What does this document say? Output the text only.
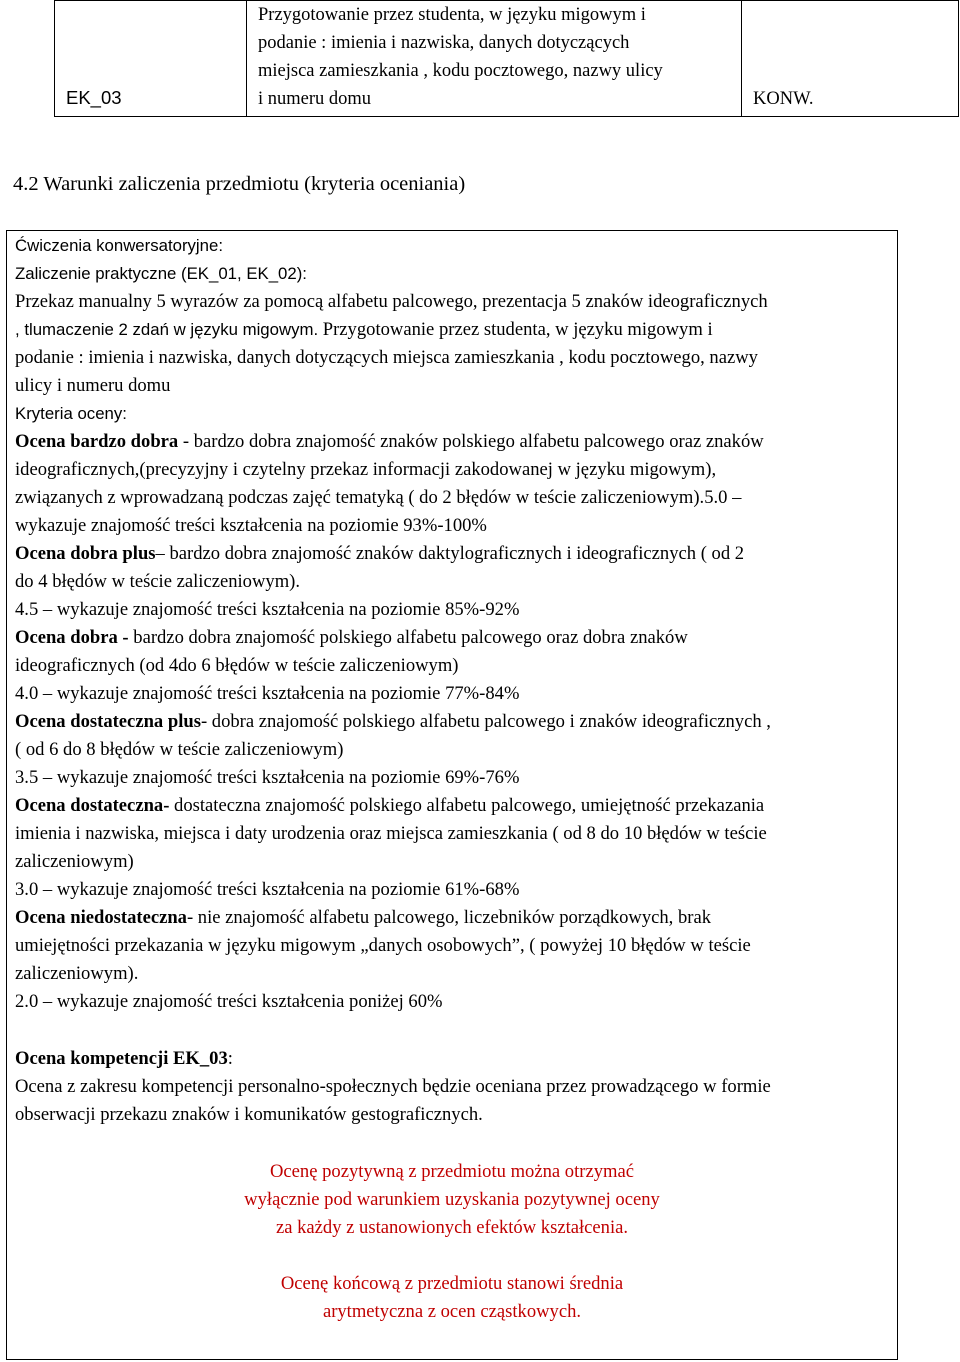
EK_03	
Przygotowanie przez studenta, w języku migowym i
podanie : imienia i nazwiska, danych dotyczących
miejsca zamieszkania , kodu pocztowego, nazwy ulicy
i numeru domu	KONW.
4.2 Warunki zaliczenia przedmiotu (kryteria oceniania)
Ćwiczenia konwersatoryjne:
Zaliczenie praktyczne (EK_01, EK_02):
Przekaz manualny 5 wyrazów za pomocą alfabetu palcowego, prezentacja 5 znaków ideograficznych
, tlumaczenie 2 zdań w języku migowym. Przygotowanie przez studenta, w języku migowym i
podanie : imienia i nazwiska, danych dotyczących miejsca zamieszkania , kodu pocztowego, nazwy
ulicy i numeru domu
Kryteria oceny:
Ocena bardzo dobra - bardzo dobra znajomość znaków polskiego alfabetu palcowego oraz znaków
ideograficznych,(precyzyjny i czytelny przekaz informacji zakodowanej w języku migowym),
związanych z wprowadzaną podczas zajęć tematyką ( do 2 błędów w teście zaliczeniowym).5.0 –
wykazuje znajomość treści kształcenia na poziomie 93%-100%
Ocena dobra plus– bardzo dobra znajomość znaków daktylograficznych i ideograficznych ( od 2
do 4 błędów w teście zaliczeniowym).
4.5 – wykazuje znajomość treści kształcenia na poziomie 85%-92%
Ocena dobra - bardzo dobra znajomość polskiego alfabetu palcowego oraz dobra znaków
ideograficznych (od 4do 6 błędów w teście zaliczeniowym)
4.0 – wykazuje znajomość treści kształcenia na poziomie 77%-84%
Ocena dostateczna plus- dobra znajomość polskiego alfabetu palcowego i znaków ideograficznych ,
( od 6 do 8 błędów w teście zaliczeniowym)
3.5 – wykazuje znajomość treści kształcenia na poziomie 69%-76%
Ocena dostateczna- dostateczna znajomość polskiego alfabetu palcowego, umiejętność przekazania
imienia i nazwiska, miejsca i daty urodzenia oraz miejsca zamieszkania ( od 8 do 10 błędów w teście
zaliczeniowym)
3.0 – wykazuje znajomość treści kształcenia na poziomie 61%-68%
Ocena niedostateczna- nie znajomość alfabetu palcowego, liczebników porządkowych, brak
umiejętności przekazania w języku migowym „danych osobowych”, ( powyżej 10 błędów w teście
zaliczeniowym).
2.0 – wykazuje znajomość treści kształcenia poniżej 60%
Ocena kompetencji EK_03:
Ocena z zakresu kompetencji personalno-społecznych będzie oceniana przez prowadzącego w formie
obserwacji przekazu znaków i komunikatów gestograficznych.
Ocenę pozytywną z przedmiotu można otrzymać
wyłącznie pod warunkiem uzyskania pozytywnej oceny
za każdy z ustanowionych efektów kształcenia.
Ocenę końcową z przedmiotu stanowi średnia
arytmetyczna z ocen cząstkowych.
